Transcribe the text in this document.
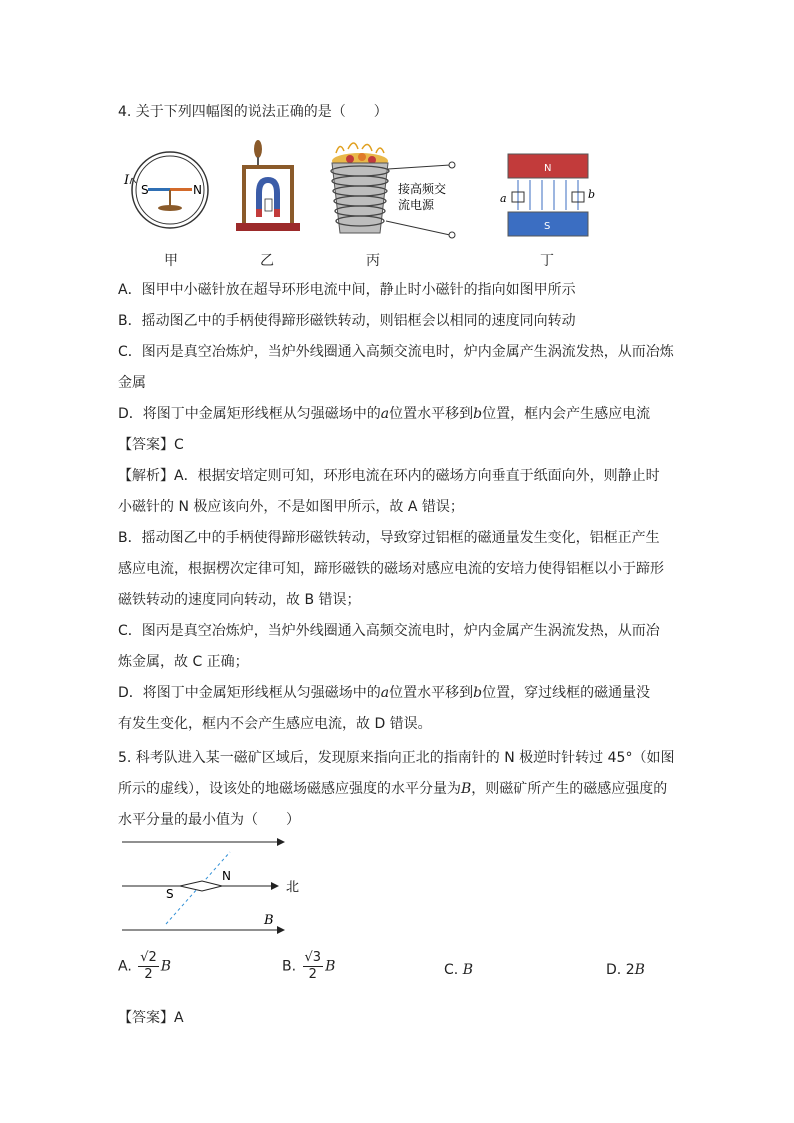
4. 关于下列四幅图的说法正确的是（　　）
I
S	N	接高频交
流电源
N
S
a	b
甲	乙	丙	丁
A．图甲中小磁针放在超导环形电流中间，静止时小磁针的指向如图甲所示
B．摇动图乙中的手柄使得蹄形磁铁转动，则铝框会以相同的速度同向转动
C．图丙是真空冶炼炉，当炉外线圈通入高频交流电时，炉内金属产生涡流发热，从而冶炼
金属
D．将图丁中金属矩形线框从匀强磁场中的a位置水平移到b位置，框内会产生感应电流
【答案】C
【解析】A．根据安培定则可知，环形电流在环内的磁场方向垂直于纸面向外，则静止时
小磁针的 N 极应该向外，不是如图甲所示，故 A 错误；
B．摇动图乙中的手柄使得蹄形磁铁转动，导致穿过铝框的磁通量发生变化，铝框正产生
感应电流，根据楞次定律可知，蹄形磁铁的磁场对感应电流的安培力使得铝框以小于蹄形
磁铁转动的速度同向转动，故 B 错误；
C．图丙是真空冶炼炉，当炉外线圈通入高频交流电时，炉内金属产生涡流发热，从而冶
炼金属，故 C 正确；
D．将图丁中金属矩形线框从匀强磁场中的a位置水平移到b位置，穿过线框的磁通量没
有发生变化，框内不会产生感应电流，故 D 错误。
5. 科考队进入某一磁矿区域后，发现原来指向正北的指南针的 N 极逆时针转过 45°（如图
所示的虚线），设该处的地磁场磁感应强度的水平分量为B，则磁矿所产生的磁感应强度的
水平分量的最小值为（　　）
北
S
N
B
A. $\frac{√2}{2}$ B	B. $\frac{√3}{2}$ B	C. B	D. 2B
【答案】A
